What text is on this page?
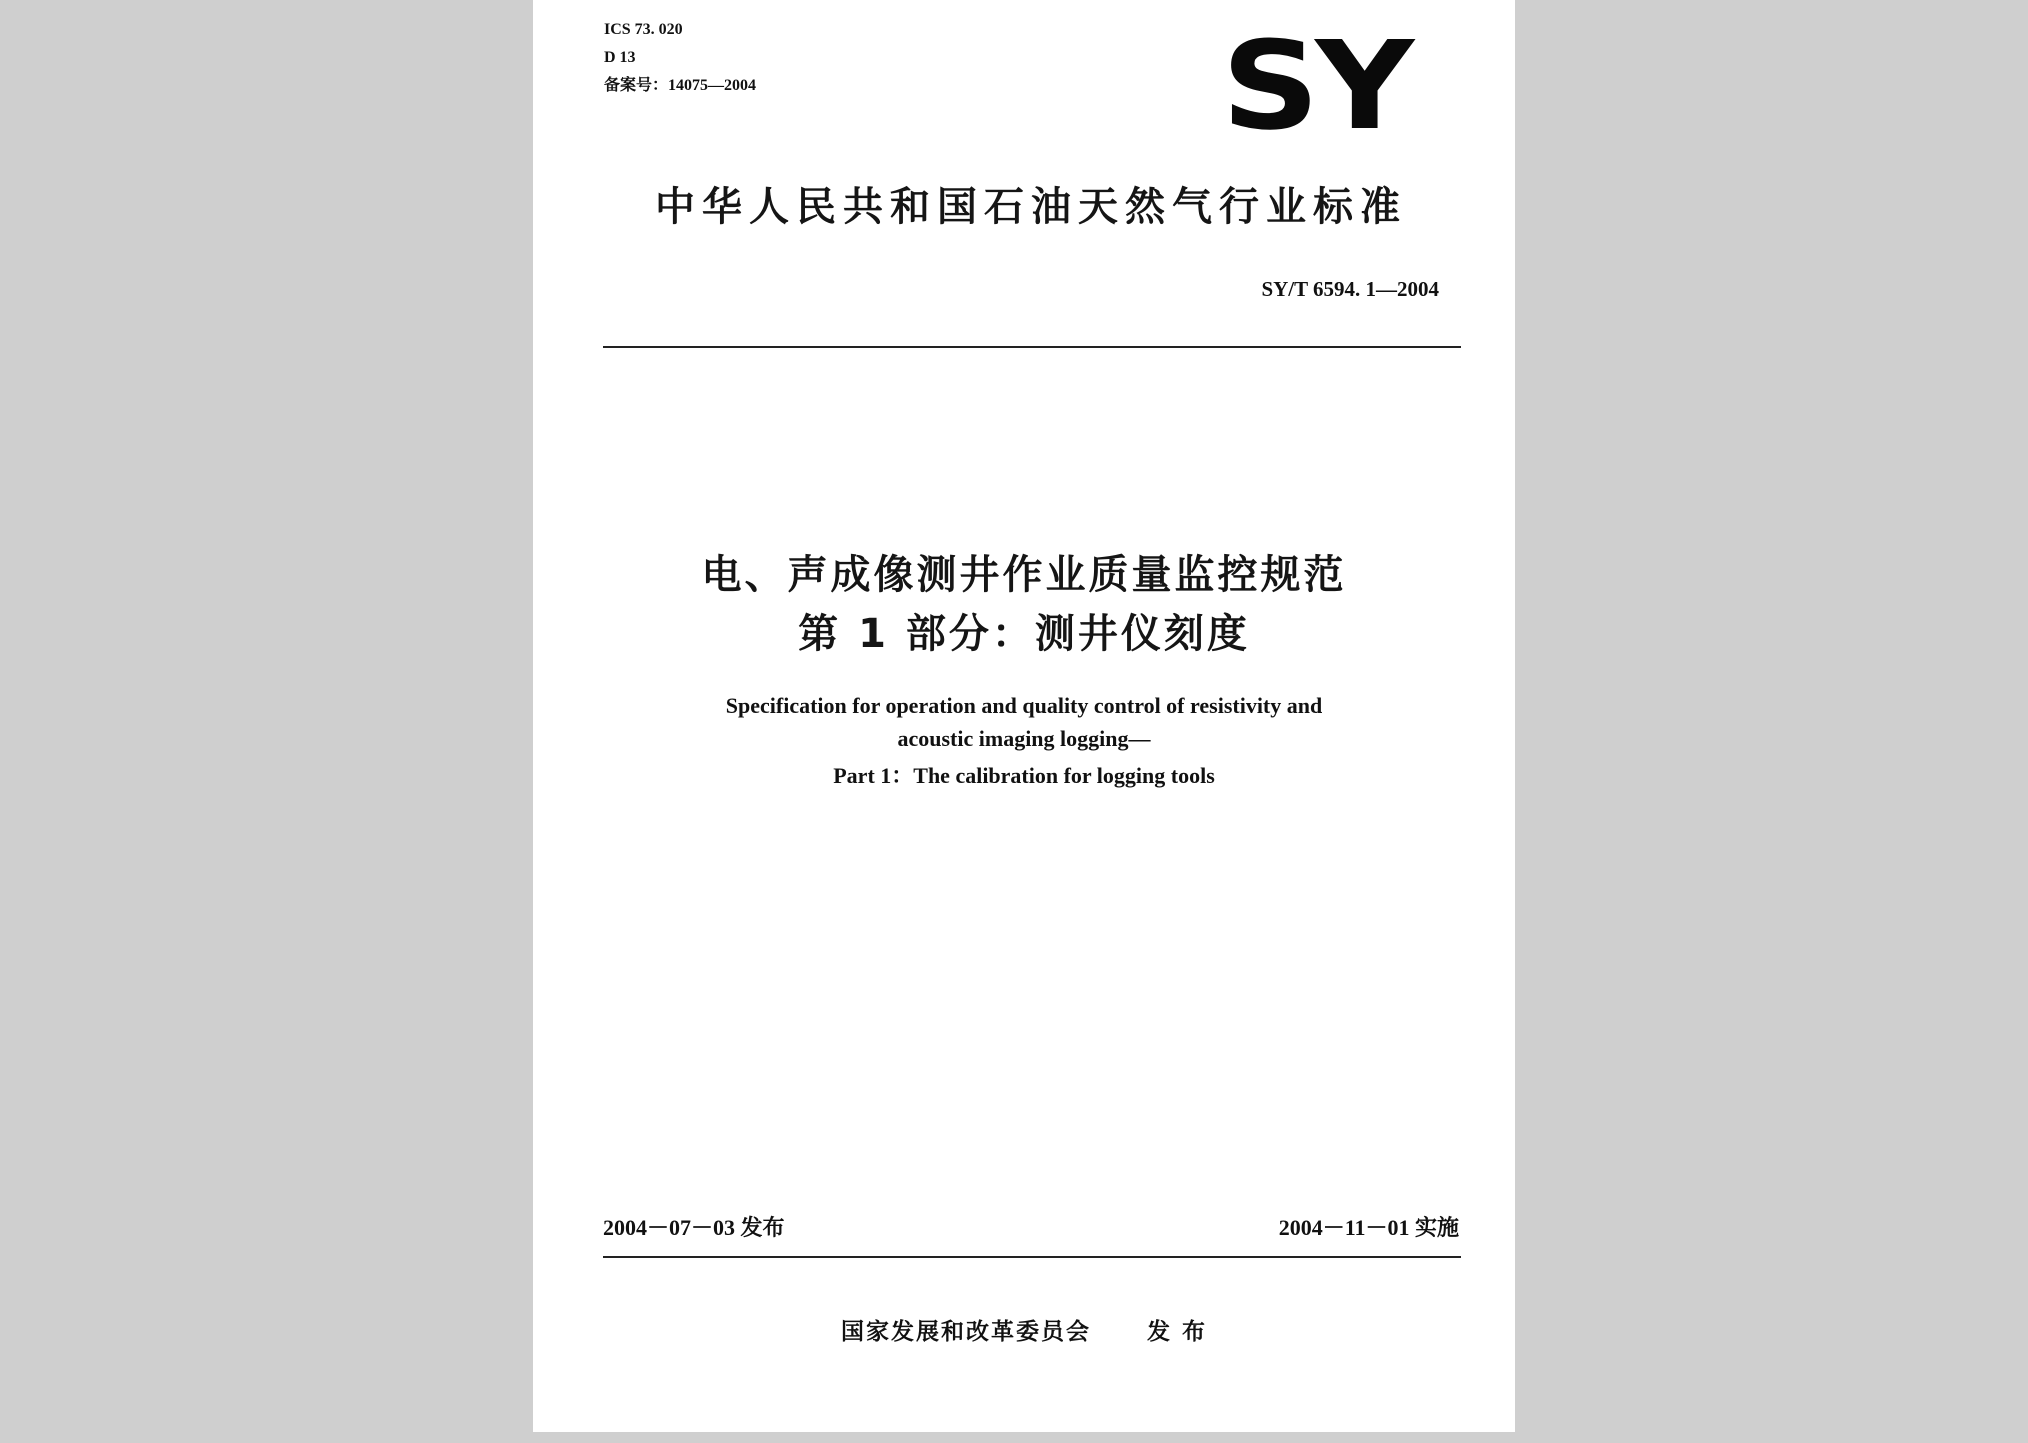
ICS 73. 020
D 13
备案号：14075—2004	SY
中华人民共和国石油天然气行业标准
SY/T 6594. 1—2004
电、声成像测井作业质量监控规范
第 1 部分：测井仪刻度
Specification for operation and quality control of resistivity and
acoustic imaging logging—
Part 1：The calibration for logging tools
2004－07－03 发布	2004－11－01 实施
国家发展和改革委员会 发 布
